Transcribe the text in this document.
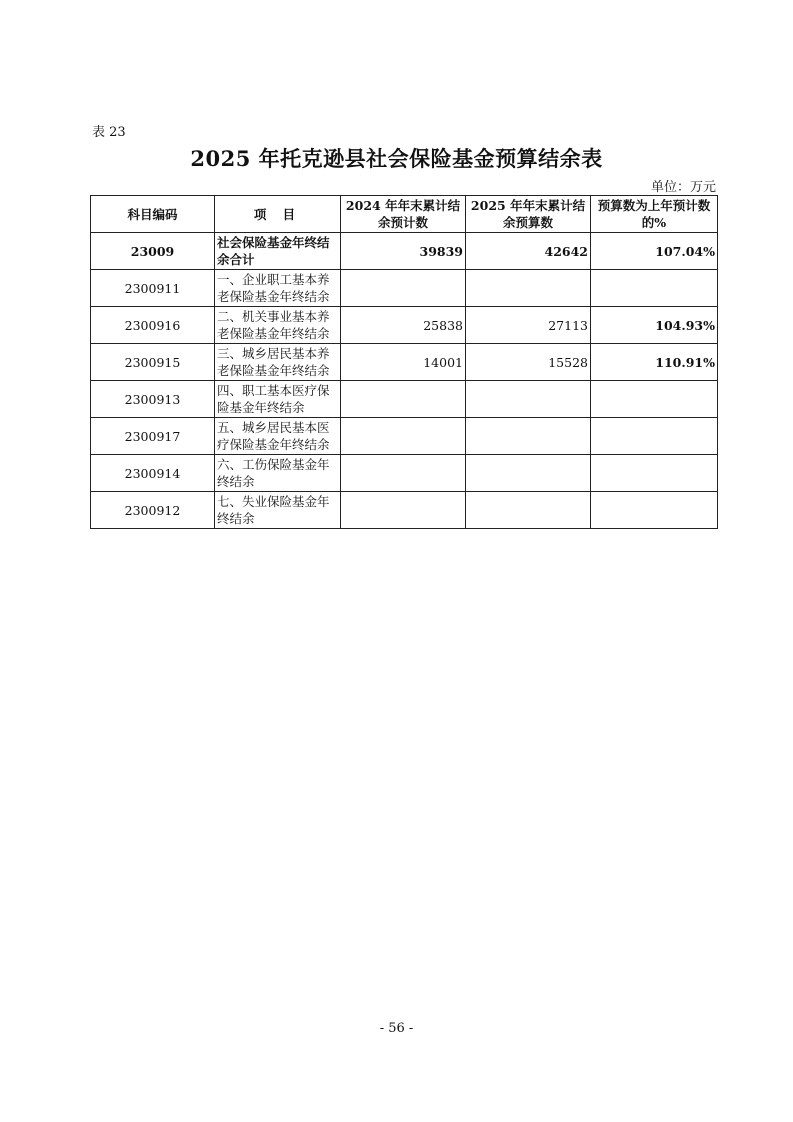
表 23
2025 年托克逊县社会保险基金预算结余表
单位：万元
科目编码	项 目	2024 年年末累计结余预计数	2025 年年末累计结余预算数	预算数为上年预计数的%
23009	社会保险基金年终结余合计	39839	42642	107.04%
2300911	一、企业职工基本养老保险基金年终结余			
2300916	二、机关事业基本养老保险基金年终结余	25838	27113	104.93%
2300915	三、城乡居民基本养老保险基金年终结余	14001	15528	110.91%
2300913	四、职工基本医疗保险基金年终结余			
2300917	五、城乡居民基本医疗保险基金年终结余			
2300914	六、工伤保险基金年终结余			
2300912	七、失业保险基金年终结余			
- 56 -
